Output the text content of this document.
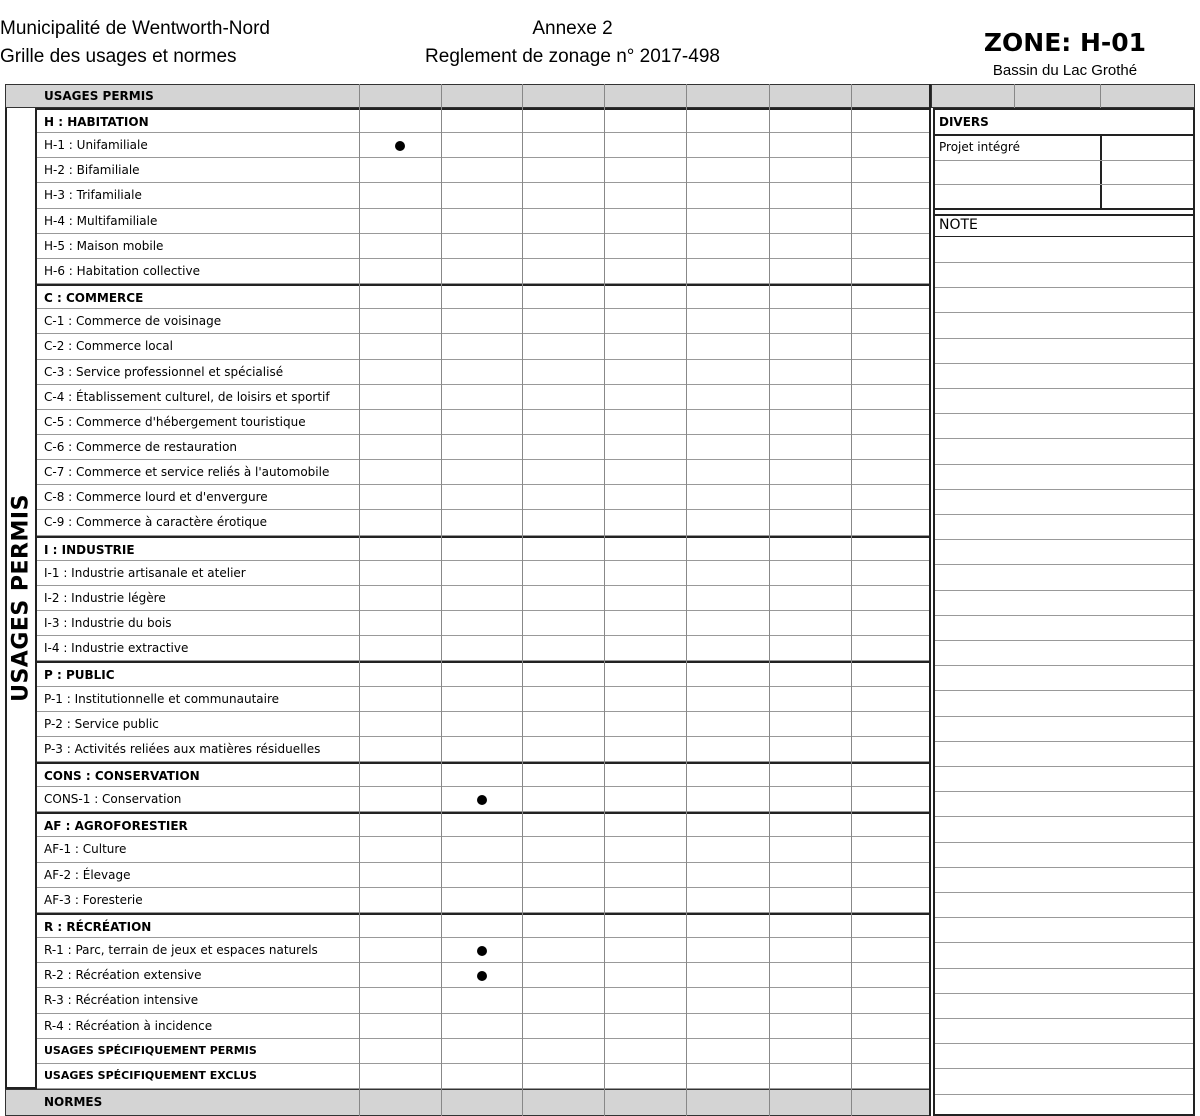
Municipalité de Wentworth-Nord
Grille des usages et normes
Annexe 2
Reglement de zonage n° 2017-498	ZONE: H-01
Bassin du Lac Grothé
USAGES PERMIS
USAGES PERMIS
H : HABITATION
H-1 : Unifamiliale
H-2 : Bifamiliale
H-3 : Trifamiliale
H-4 : Multifamiliale
H-5 : Maison mobile
H-6 : Habitation collective
C : COMMERCE
C-1 : Commerce de voisinage
C-2 : Commerce local
C-3 : Service professionnel et spécialisé
C-4 : Établissement culturel, de loisirs et sportif
C-5 : Commerce d'hébergement touristique
C-6 : Commerce de restauration
C-7 : Commerce et service reliés à l'automobile
C-8 : Commerce lourd et d'envergure
C-9 : Commerce à caractère érotique
I : INDUSTRIE
I-1 : Industrie artisanale et atelier
I-2 : Industrie légère
I-3 : Industrie du bois
I-4 : Industrie extractive
P : PUBLIC
P-1 : Institutionnelle et communautaire
P-2 : Service public
P-3 : Activités reliées aux matières résiduelles
CONS : CONSERVATION
CONS-1 : Conservation
AF : AGROFORESTIER
AF-1 : Culture
AF-2 : Élevage
AF-3 : Foresterie
R : RÉCRÉATION
R-1 : Parc, terrain de jeux et espaces naturels
R-2 : Récréation extensive
R-3 : Récréation intensive
R-4 : Récréation à incidence
USAGES SPÉCIFIQUEMENT PERMIS
USAGES SPÉCIFIQUEMENT EXCLUS
NORMES
DIVERS
Projet intégré
NOTE
